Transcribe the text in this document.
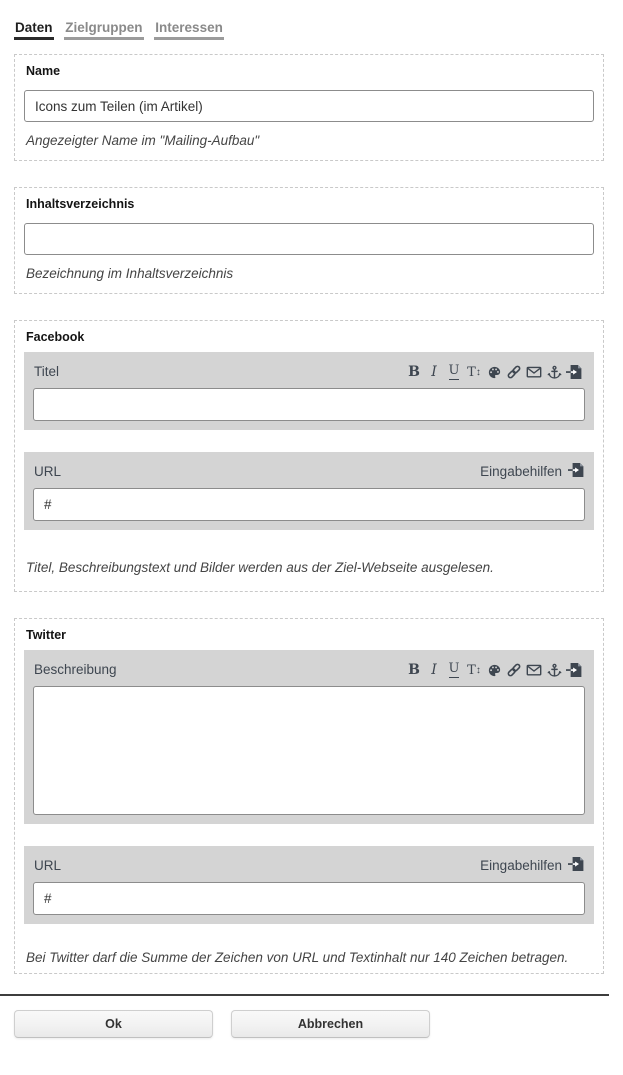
Daten Zielgruppen Interessen
Name
Icons zum Teilen (im Artikel)
Angezeigter Name im "Mailing-Aufbau"
Inhaltsverzeichnis
Bezeichnung im Inhaltsverzeichnis
Facebook
Titel	B I U T ↕
URL	Eingabehilfen
#
Titel, Beschreibungstext und Bilder werden aus der Ziel-Webseite ausgelesen.
Twitter
Beschreibung	B I U T ↕
URL	Eingabehilfen
#
Bei Twitter darf die Summe der Zeichen von URL und Textinhalt nur 140 Zeichen betragen.
Ok	Abbrechen
